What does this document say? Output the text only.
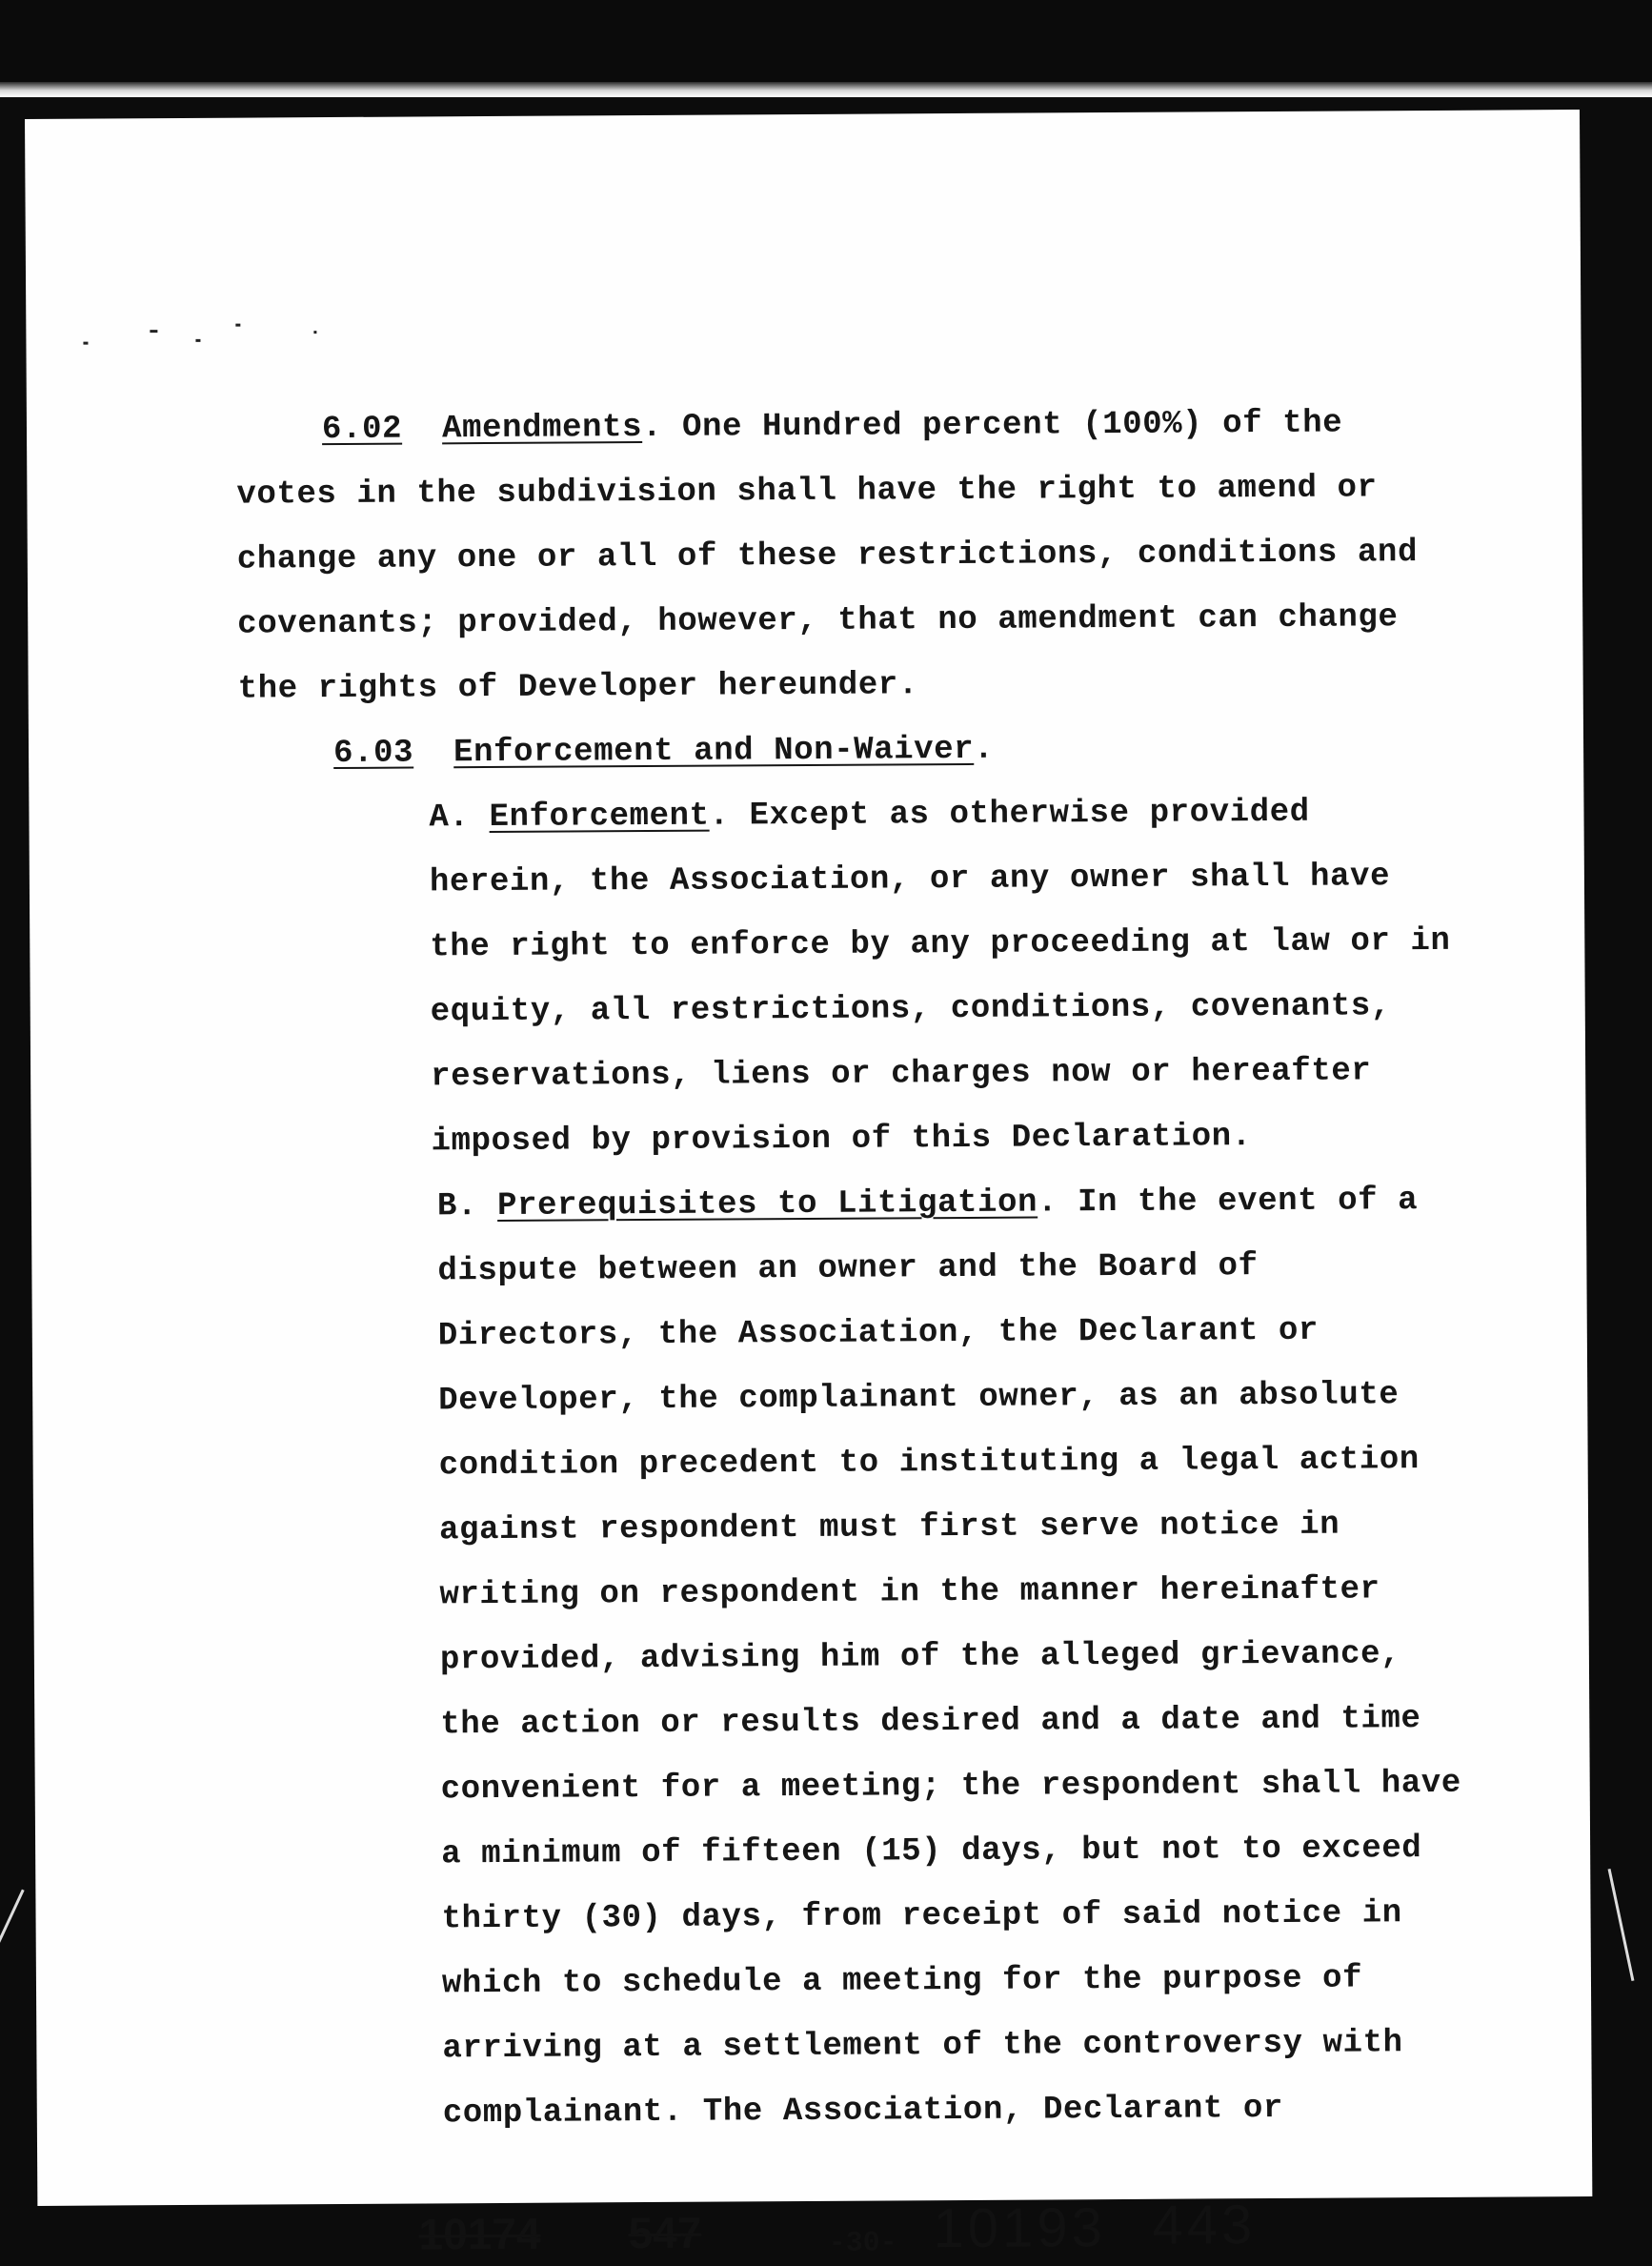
6.02 Amendments. One Hundred percent (100%) of the
votes in the subdivision shall have the right to amend or
change any one or all of these restrictions, conditions and
covenants; provided, however, that no amendment can change
the rights of Developer hereunder.
6.03 Enforcement and Non-Waiver.
A. Enforcement. Except as otherwise provided
herein, the Association, or any owner shall have
the right to enforce by any proceeding at law or in
equity, all restrictions, conditions, covenants,
reservations, liens or charges now or hereafter
imposed by provision of this Declaration.
B. Prerequisites to Litigation. In the event of a
dispute between an owner and the Board of
Directors, the Association, the Declarant or
Developer, the complainant owner, as an absolute
condition precedent to instituting a legal action
against respondent must first serve notice in
writing on respondent in the manner hereinafter
provided, advising him of the alleged grievance,
the action or results desired and a date and time
convenient for a meeting; the respondent shall have
a minimum of fifteen (15) days, but not to exceed
thirty (30) days, from receipt of said notice in
which to schedule a meeting for the purpose of
arriving at a settlement of the controversy with
complainant. The Association, Declarant or
10174 547	-30- 10193 443
